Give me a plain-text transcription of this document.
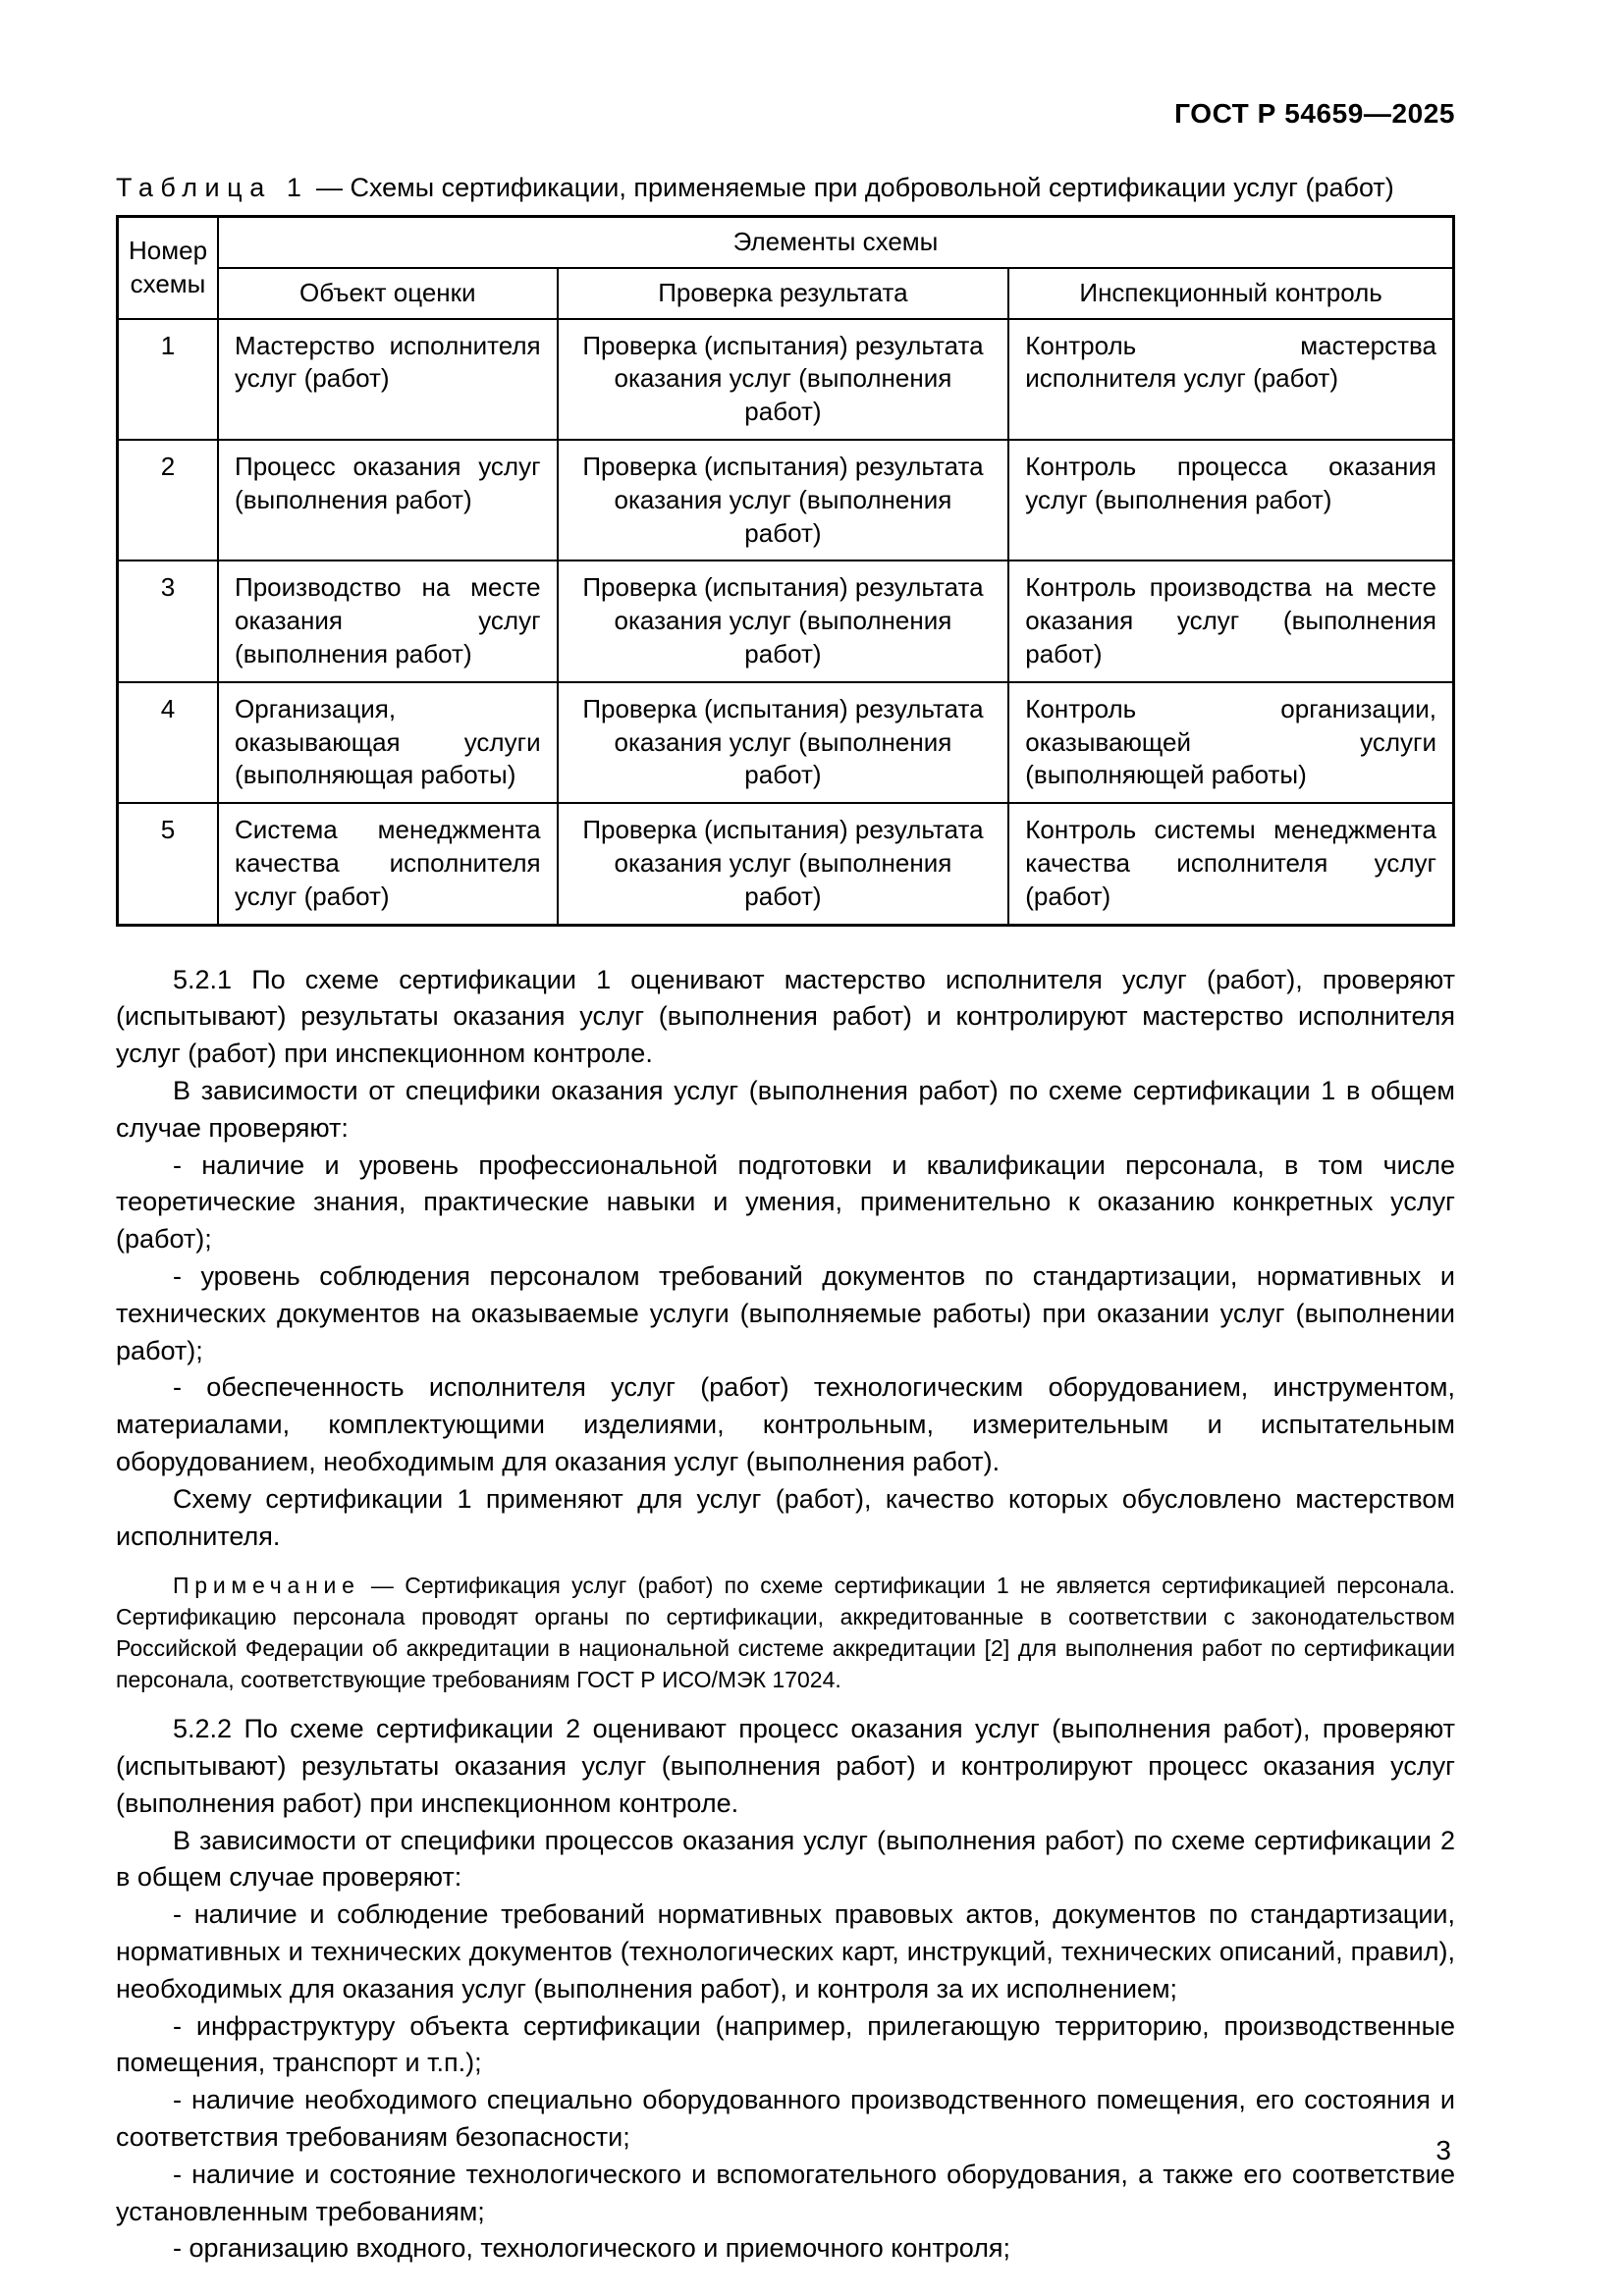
ГОСТ Р 54659—2025
Таблица 1 — Схемы сертификации, применяемые при добровольной сертификации услуг (работ)
Номер схемы	Элементы схемы		
	Объект оценки	Проверка результата	Инспекционный контроль
1	Мастерство исполнителя услуг (работ)	Проверка (испытания) результата оказания услуг (выполнения работ)	Контроль мастерства исполнителя услуг (работ)
2	Процесс оказания услуг (выполнения работ)	Проверка (испытания) результата оказания услуг (выполнения работ)	Контроль процесса оказания услуг (выполнения работ)
3	Производство на месте оказания услуг (выполнения работ)	Проверка (испытания) результата оказания услуг (выполнения работ)	Контроль производства на месте оказания услуг (выполнения работ)
4	Организация, оказывающая услуги (выполняющая работы)	Проверка (испытания) результата оказания услуг (выполнения работ)	Контроль организации, оказывающей услуги (выполняющей работы)
5	Система менеджмента качества исполнителя услуг (работ)	Проверка (испытания) результата оказания услуг (выполнения работ)	Контроль системы менеджмента качества исполнителя услуг (работ)

5.2.1 По схеме сертификации 1 оценивают мастерство исполнителя услуг (работ), проверяют (испытывают) результаты оказания услуг (выполнения работ) и контролируют мастерство исполнителя услуг (работ) при инспекционном контроле.

В зависимости от специфики оказания услуг (выполнения работ) по схеме сертификации 1 в общем случае проверяют:

- наличие и уровень профессиональной подготовки и квалификации персонала, в том числе теоретические знания, практические навыки и умения, применительно к оказанию конкретных услуг (работ);

- уровень соблюдения персоналом требований документов по стандартизации, нормативных и технических документов на оказываемые услуги (выполняемые работы) при оказании услуг (выполнении работ);

- обеспеченность исполнителя услуг (работ) технологическим оборудованием, инструментом, материалами, комплектующими изделиями, контрольным, измерительным и испытательным оборудованием, необходимым для оказания услуг (выполнения работ).

Схему сертификации 1 применяют для услуг (работ), качество которых обусловлено мастерством исполнителя.

Примечание — Сертификация услуг (работ) по схеме сертификации 1 не является сертификацией персонала. Сертификацию персонала проводят органы по сертификации, аккредитованные в соответствии с законодательством Российской Федерации об аккредитации в национальной системе аккредитации [2] для выполнения работ по сертификации персонала, соответствующие требованиям ГОСТ Р ИСО/МЭК 17024.

5.2.2 По схеме сертификации 2 оценивают процесс оказания услуг (выполнения работ), проверяют (испытывают) результаты оказания услуг (выполнения работ) и контролируют процесс оказания услуг (выполнения работ) при инспекционном контроле.

В зависимости от специфики процессов оказания услуг (выполнения работ) по схеме сертификации 2 в общем случае проверяют:

- наличие и соблюдение требований нормативных правовых актов, документов по стандартизации, нормативных и технических документов (технологических карт, инструкций, технических описаний, правил), необходимых для оказания услуг (выполнения работ), и контроля за их исполнением;

- инфраструктуру объекта сертификации (например, прилегающую территорию, производственные помещения, транспорт и т.п.);

- наличие необходимого специально оборудованного производственного помещения, его состояния и соответствия требованиям безопасности;

- наличие и состояние технологического и вспомогательного оборудования, а также его соответствие установленным требованиям;

- организацию входного, технологического и приемочного контроля;

3
